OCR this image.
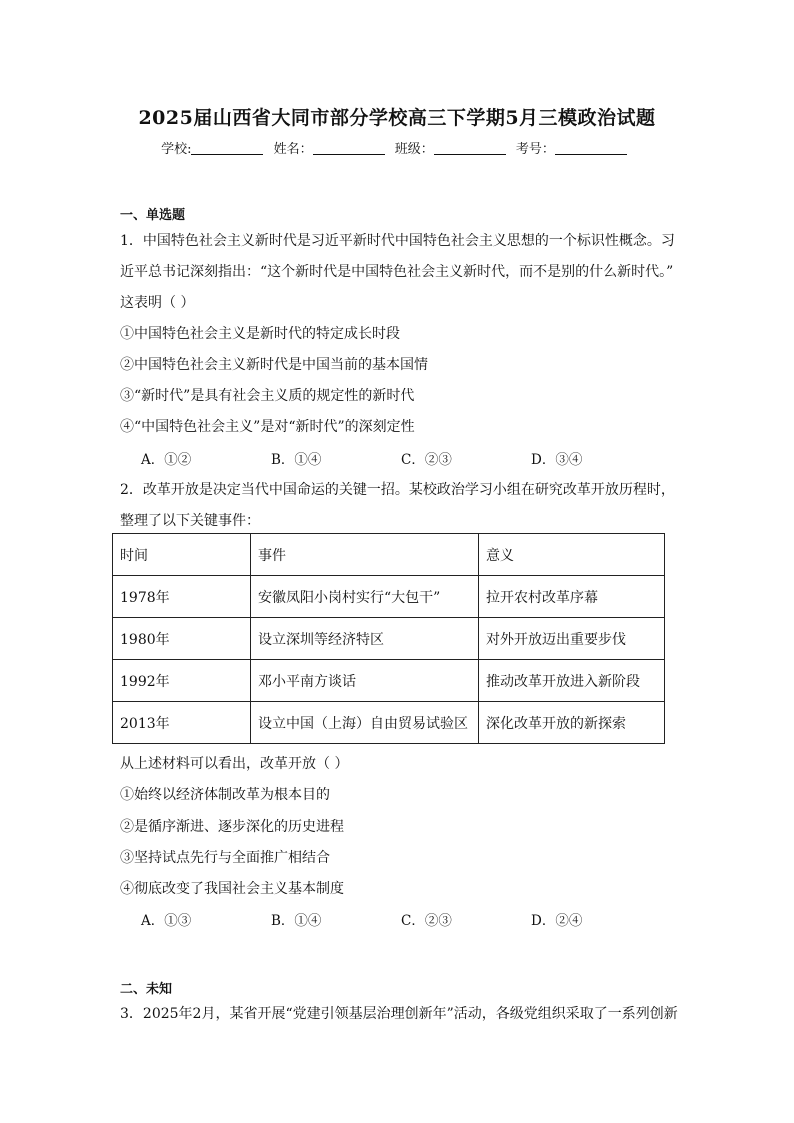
2025届山西省大同市部分学校高三下学期5月三模政治试题
学校:	姓名：	班级：	考号：
一、单选题
1．中国特色社会主义新时代是习近平新时代中国特色社会主义思想的一个标识性概念。习
近平总书记深刻指出：“这个新时代是中国特色社会主义新时代，而不是别的什么新时代。”
这表明（ ）
①中国特色社会主义是新时代的特定成长时段
②中国特色社会主义新时代是中国当前的基本国情
③“新时代”是具有社会主义质的规定性的新时代
④“中国特色社会主义”是对“新时代”的深刻定性
A．①②	B．①④	C．②③	D．③④
2．改革开放是决定当代中国命运的关键一招。某校政治学习小组在研究改革开放历程时，
整理了以下关键事件：
时间	事件	意义
1978年	安徽凤阳小岗村实行“大包干”	拉开农村改革序幕
1980年	设立深圳等经济特区	对外开放迈出重要步伐
1992年	邓小平南方谈话	推动改革开放进入新阶段
2013年	设立中国（上海）自由贸易试验区	深化改革开放的新探索
从上述材料可以看出，改革开放（ ）
①始终以经济体制改革为根本目的
②是循序渐进、逐步深化的历史进程
③坚持试点先行与全面推广相结合
④彻底改变了我国社会主义基本制度
A．①③	B．①④	C．②③	D．②④
二、未知
3．2025年2月，某省开展“党建引领基层治理创新年”活动，各级党组织采取了一系列创新
